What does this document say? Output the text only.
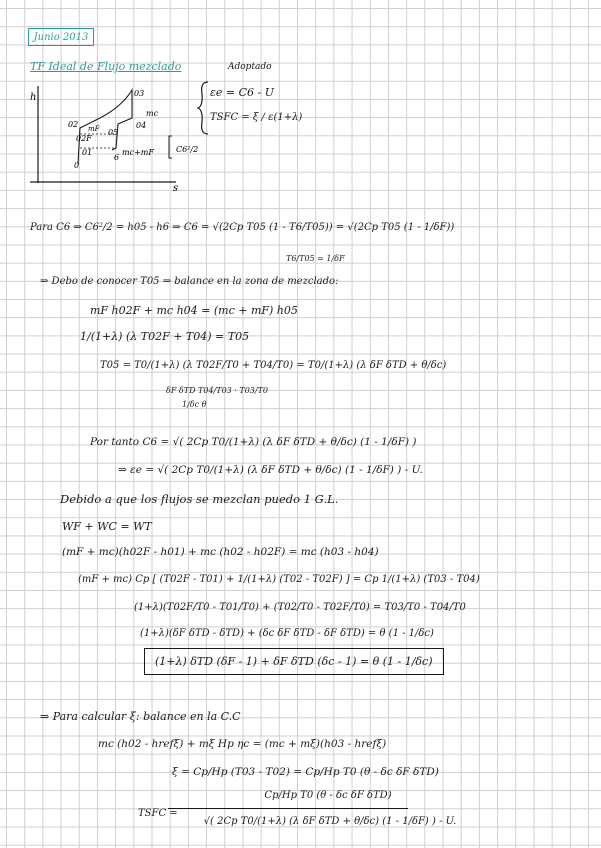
Junio 2013
TF Ideal de Flujo mezclado
h
s
03
02
02F
05
04
01
6
0
mc
mc+mF
mF
C6²/2
Adoptado
εe = C6 - U
TSFC = ξ / ε(1+λ)
Para C6 ⇒ C6²/2 = h05 - h6 ⇒ C6 = √(2Cp T05 (1 - T6/T05)) = √(2Cp T05 (1 - 1/δF))
T6/T05 = 1/δF
⇒ Debo de conocer T05 ⇒ balance en la zona de mezclado:
mF h02F + mc h04 = (mc + mF) h05
1/(1+λ) (λ T02F + T04) = T05
T05 = T0/(1+λ) (λ T02F/T0 + T04/T0) = T0/(1+λ) (λ δF δTD + θ/δc)
δF δTD T04/T03 · T03/T0
1/δc θ
Por tanto C6 = √( 2Cp T0/(1+λ) (λ δF δTD + θ/δc) (1 - 1/δF) )
⇒ εe = √( 2Cp T0/(1+λ) (λ δF δTD + θ/δc) (1 - 1/δF) ) - U.
Debido a que los flujos se mezclan puedo 1 G.L.
WF + WC = WT
(mF + mc)(h02F - h01) + mc (h02 - h02F) = mc (h03 - h04)
(mF + mc) Cp [ (T02F - T01) + 1/(1+λ) (T02 - T02F) ] = Cp 1/(1+λ) (T03 - T04)
(1+λ)(T02F/T0 - T01/T0) + (T02/T0 - T02F/T0) = T03/T0 - T04/T0
(1+λ)(δF δTD - δTD) + (δc δF δTD - δF δTD) = θ (1 - 1/δc)
(1+λ) δTD (δF - 1) + δF δTD (δc - 1) = θ (1 - 1/δc)
⇒ Para calcular ξ: balance en la C.C
mc (h02 - hrefξ) + mξ Hp ηc = (mc + mξ)(h03 - hrefξ)
ξ = Cp/Hp (T03 - T02) = Cp/Hp T0 (θ - δc δF δTD)
TSFC =
Cp/Hp T0 (θ - δc δF δTD)
√( 2Cp T0/(1+λ) (λ δF δTD + θ/δc) (1 - 1/δF) ) - U.
